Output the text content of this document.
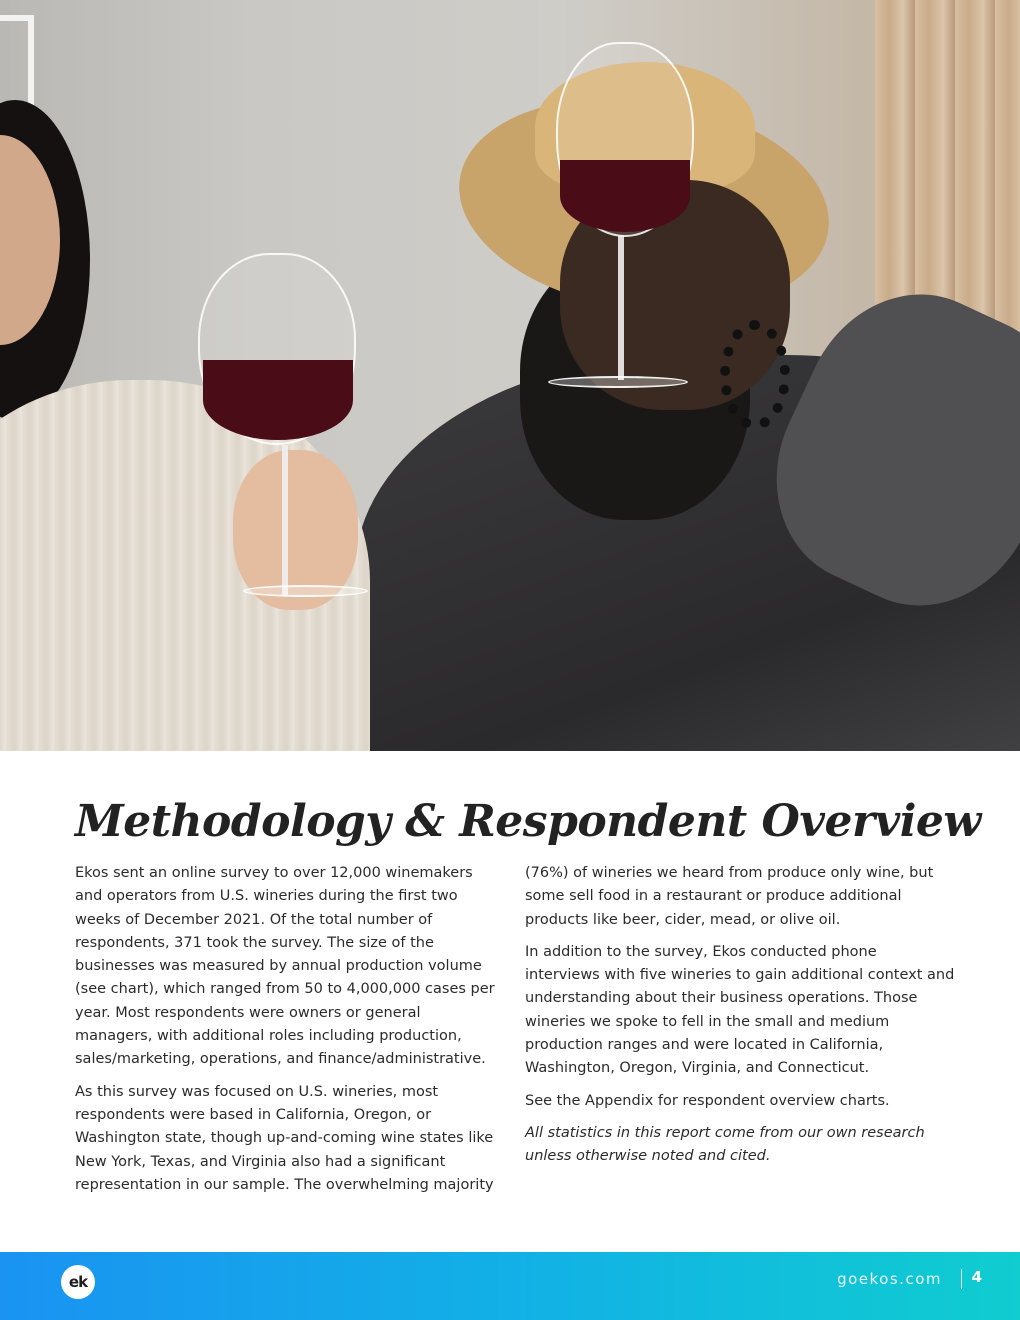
Methodology & Respondent Overview

Ekos sent an online survey to over 12,000 winemakers and operators from U.S. wineries during the first two weeks of December 2021. Of the total number of respondents, 371 took the survey. The size of the businesses was measured by annual production volume (see chart), which ranged from 50 to 4,000,000 cases per year. Most respondents were owners or general managers, with additional roles including production, sales/marketing, operations, and finance/administrative.

As this survey was focused on U.S. wineries, most respondents were based in California, Oregon, or Washington state, though up-and-coming wine states like New York, Texas, and Virginia also had a significant representation in our sample. The overwhelming majority

(76%) of wineries we heard from produce only wine, but some sell food in a restaurant or produce additional products like beer, cider, mead, or olive oil.

In addition to the survey, Ekos conducted phone interviews with five wineries to gain additional context and understanding about their business operations. Those wineries we spoke to fell in the small and medium production ranges and were located in California, Washington, Oregon, Virginia, and Connecticut.

See the Appendix for respondent overview charts.

All statistics in this report come from our own research unless otherwise noted and cited.

ek	goekos.com 4
